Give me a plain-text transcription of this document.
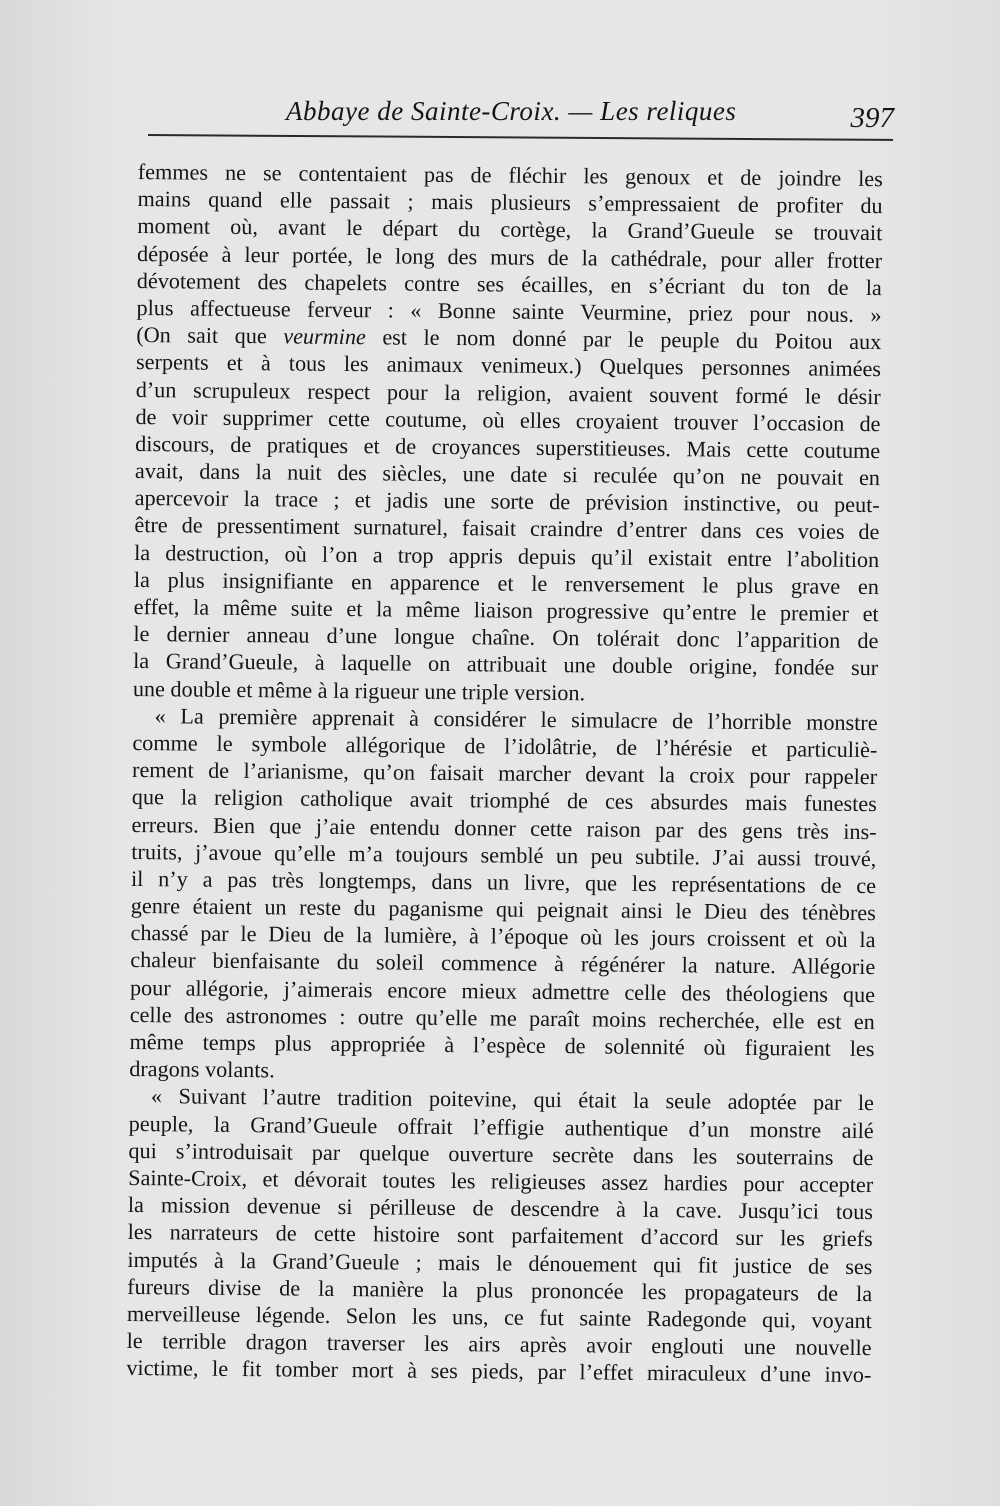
Abbaye de Sainte-Croix. — Les reliques	397
femmes ne se contentaient pas de fléchir les genoux et de joindre les
mains quand elle passait ; mais plusieurs s’empressaient de profiter du
moment où, avant le départ du cortège, la Grand’Gueule se trouvait
déposée à leur portée, le long des murs de la cathédrale, pour aller frotter
dévotement des chapelets contre ses écailles, en s’écriant du ton de la
plus affectueuse ferveur : « Bonne sainte Veurmine, priez pour nous. »
(On sait que veurmine est le nom donné par le peuple du Poitou aux
serpents et à tous les animaux venimeux.) Quelques personnes animées
d’un scrupuleux respect pour la religion, avaient souvent formé le désir
de voir supprimer cette coutume, où elles croyaient trouver l’occasion de
discours, de pratiques et de croyances superstitieuses. Mais cette coutume
avait, dans la nuit des siècles, une date si reculée qu’on ne pouvait en
apercevoir la trace ; et jadis une sorte de prévision instinctive, ou peut-
être de pressentiment surnaturel, faisait craindre d’entrer dans ces voies de
la destruction, où l’on a trop appris depuis qu’il existait entre l’abolition
la plus insignifiante en apparence et le renversement le plus grave en
effet, la même suite et la même liaison progressive qu’entre le premier et
le dernier anneau d’une longue chaîne. On tolérait donc l’apparition de
la Grand’Gueule, à laquelle on attribuait une double origine, fondée sur
une double et même à la rigueur une triple version.
« La première apprenait à considérer le simulacre de l’horrible monstre
comme le symbole allégorique de l’idolâtrie, de l’hérésie et particuliè-
rement de l’arianisme, qu’on faisait marcher devant la croix pour rappeler
que la religion catholique avait triomphé de ces absurdes mais funestes
erreurs. Bien que j’aie entendu donner cette raison par des gens très ins-
truits, j’avoue qu’elle m’a toujours semblé un peu subtile. J’ai aussi trouvé,
il n’y a pas très longtemps, dans un livre, que les représentations de ce
genre étaient un reste du paganisme qui peignait ainsi le Dieu des ténèbres
chassé par le Dieu de la lumière, à l’époque où les jours croissent et où la
chaleur bienfaisante du soleil commence à régénérer la nature. Allégorie
pour allégorie, j’aimerais encore mieux admettre celle des théologiens que
celle des astronomes : outre qu’elle me paraît moins recherchée, elle est en
même temps plus appropriée à l’espèce de solennité où figuraient les
dragons volants.
« Suivant l’autre tradition poitevine, qui était la seule adoptée par le
peuple, la Grand’Gueule offrait l’effigie authentique d’un monstre ailé
qui s’introduisait par quelque ouverture secrète dans les souterrains de
Sainte-Croix, et dévorait toutes les religieuses assez hardies pour accepter
la mission devenue si périlleuse de descendre à la cave. Jusqu’ici tous
les narrateurs de cette histoire sont parfaitement d’accord sur les griefs
imputés à la Grand’Gueule ; mais le dénouement qui fit justice de ses
fureurs divise de la manière la plus prononcée les propagateurs de la
merveilleuse légende. Selon les uns, ce fut sainte Radegonde qui, voyant
le terrible dragon traverser les airs après avoir englouti une nouvelle
victime, le fit tomber mort à ses pieds, par l’effet miraculeux d’une invo-
